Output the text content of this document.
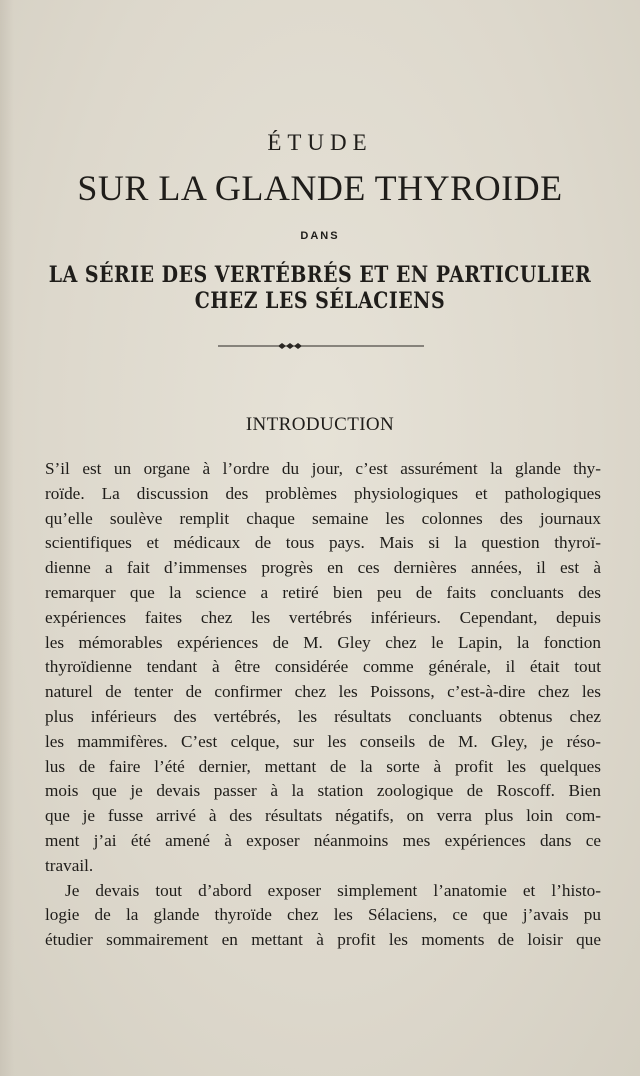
ÉTUDE
SUR LA GLANDE THYROIDE
DANS
LA SÉRIE DES VERTÉBRÉS ET EN PARTICULIER CHEZ LES SÉLACIENS
INTRODUCTION
S’il est un organe à l’ordre du jour, c’est assurément la glande thy-
roïde. La discussion des problèmes physiologiques et pathologiques
qu’elle soulève remplit chaque semaine les colonnes des journaux
scientifiques et médicaux de tous pays. Mais si la question thyroï-
dienne a fait d’immenses progrès en ces dernières années, il est à
remarquer que la science a retiré bien peu de faits concluants des
expériences faites chez les vertébrés inférieurs. Cependant, depuis
les mémorables expériences de M. Gley chez le Lapin, la fonction
thyroïdienne tendant à être considérée comme générale, il était tout
naturel de tenter de confirmer chez les Poissons, c’est-à-dire chez les
plus inférieurs des vertébrés, les résultats concluants obtenus chez
les mammifères. C’est celque, sur les conseils de M. Gley, je réso-
lus de faire l’été dernier, mettant de la sorte à profit les quelques
mois que je devais passer à la station zoologique de Roscoff. Bien
que je fusse arrivé à des résultats négatifs, on verra plus loin com-
ment j’ai été amené à exposer néanmoins mes expériences dans ce
travail.
Je devais tout d’abord exposer simplement l’anatomie et l’histo-
logie de la glande thyroïde chez les Sélaciens, ce que j’avais pu
étudier sommairement en mettant à profit les moments de loisir que
